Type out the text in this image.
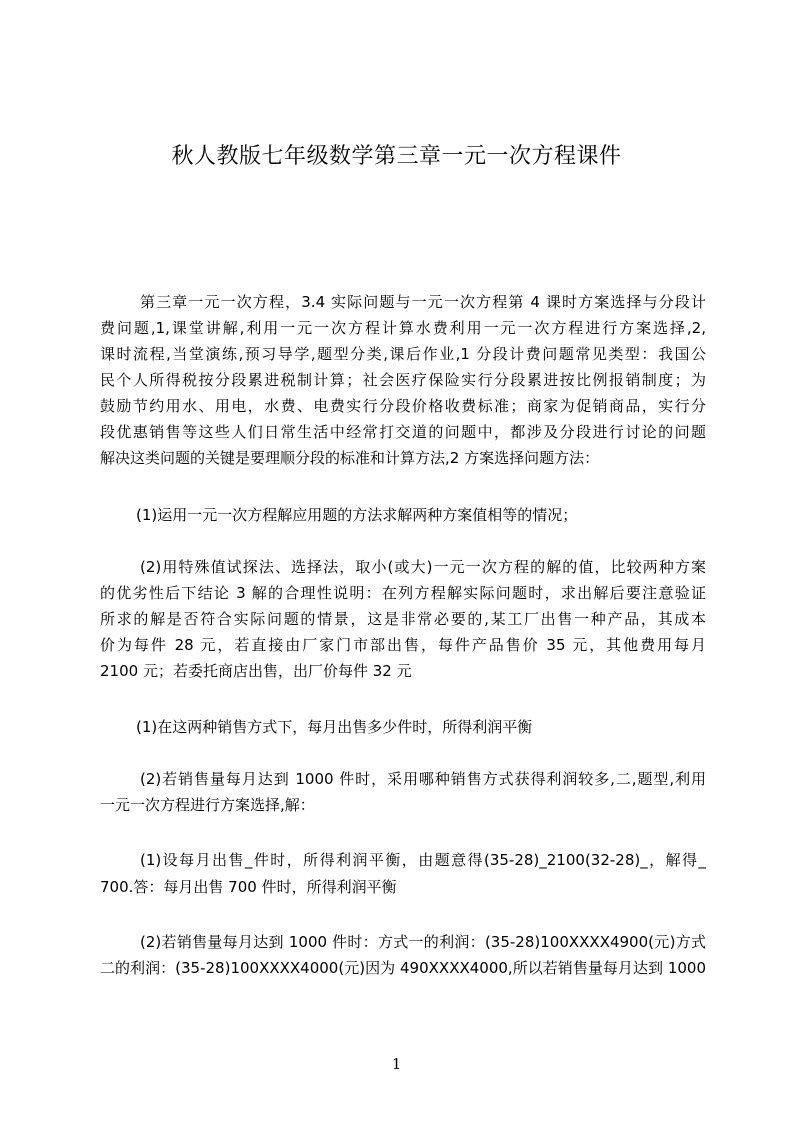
秋人教版七年级数学第三章一元一次方程课件
第三章一元一次方程，3.4 实际问题与一元一次方程第 4 课时方案选择与分段计
费问题,1,课堂讲解,利用一元一次方程计算水费利用一元一次方程进行方案选择,2,
课时流程,当堂演练,预习导学,题型分类,课后作业,1 分段计费问题常见类型：我国公
民个人所得税按分段累进税制计算；社会医疗保险实行分段累进按比例报销制度；为
鼓励节约用水、用电，水费、电费实行分段价格收费标准；商家为促销商品，实行分
段优惠销售等这些人们日常生活中经常打交道的问题中，都涉及分段进行讨论的问题
解决这类问题的关键是要理顺分段的标准和计算方法,2 方案选择问题方法：
(1)运用一元一次方程解应用题的方法求解两种方案值相等的情况；
(2)用特殊值试探法、选择法，取小(或大)一元一次方程的解的值，比较两种方案
的优劣性后下结论 3 解的合理性说明：在列方程解实际问题时，求出解后要注意验证
所求的解是否符合实际问题的情景，这是非常必要的,某工厂出售一种产品，其成本
价为每件 28 元，若直接由厂家门市部出售，每件产品售价 35 元，其他费用每月
2100 元；若委托商店出售，出厂价每件 32 元
(1)在这两种销售方式下，每月出售多少件时，所得利润平衡
(2)若销售量每月达到 1000 件时，采用哪种销售方式获得利润较多,二,题型,利用
一元一次方程进行方案选择,解：
(1)设每月出售_件时，所得利润平衡，由题意得(35-28)_2100(32-28)_，解得_
700.答：每月出售 700 件时，所得利润平衡
(2)若销售量每月达到 1000 件时：方式一的利润：(35-28)100XXXX4900(元)方式
二的利润：(35-28)100XXXX4000(元)因为 490XXXX4000,所以若销售量每月达到 1000
1
